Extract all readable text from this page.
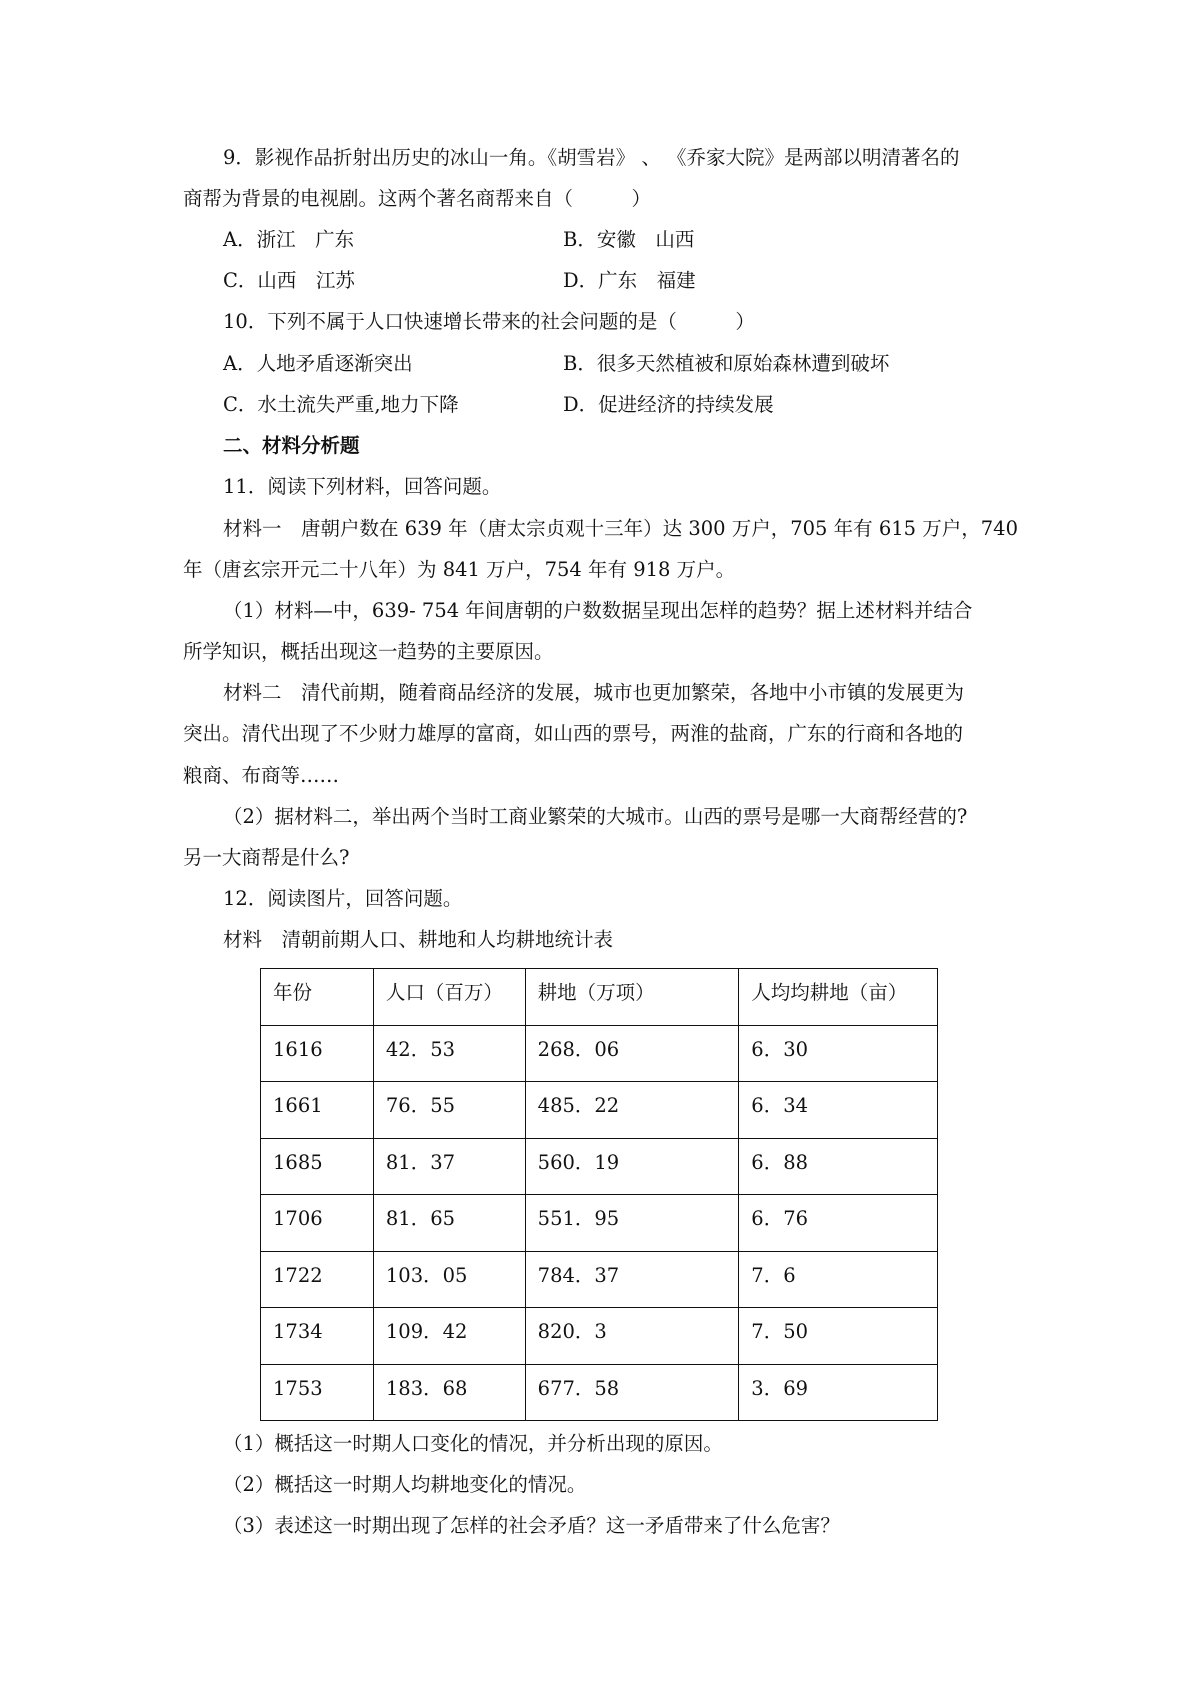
9．影视作品折射出历史的冰山一角。《胡雪岩》 、 《乔家大院》是两部以明清著名的
商帮为背景的电视剧。这两个著名商帮来自（　　　）
A．浙江　广东	B．安徽　山西
C．山西　江苏	D．广东　福建
10．下列不属于人口快速增长带来的社会问题的是（　　　）
A．人地矛盾逐渐突出	B．很多天然植被和原始森林遭到破坏
C．水土流失严重,地力下降	D．促进经济的持续发展
二、材料分析题
11．阅读下列材料，回答问题。
材料一　唐朝户数在 639 年（唐太宗贞观十三年）达 300 万户，705 年有 615 万户，740
年（唐玄宗开元二十八年）为 841 万户，754 年有 918 万户。
（1）材料—中，639- 754 年间唐朝的户数数据呈现出怎样的趋势？据上述材料并结合
所学知识，概括出现这一趋势的主要原因。
材料二　清代前期，随着商品经济的发展，城市也更加繁荣，各地中小市镇的发展更为
突出。清代出现了不少财力雄厚的富商，如山西的票号，两淮的盐商，广东的行商和各地的
粮商、布商等……
（2）据材料二，举出两个当时工商业繁荣的大城市。山西的票号是哪一大商帮经营的?
另一大商帮是什么?
12．阅读图片，回答问题。
材料　清朝前期人口、耕地和人均耕地统计表
年份	人口（百万）	耕地（万项）	人均均耕地（亩）
1616	42．53	268．06	6．30
1661	76．55	485．22	6．34
1685	81．37	560．19	6．88
1706	81．65	551．95	6．76
1722	103．05	784．37	7．6
1734	109．42	820．3	7．50
1753	183．68	677．58	3．69
（1）概括这一时期人口变化的情况，并分析出现的原因。
（2）概括这一时期人均耕地变化的情况。
（3）表述这一时期出现了怎样的社会矛盾？这一矛盾带来了什么危害？
